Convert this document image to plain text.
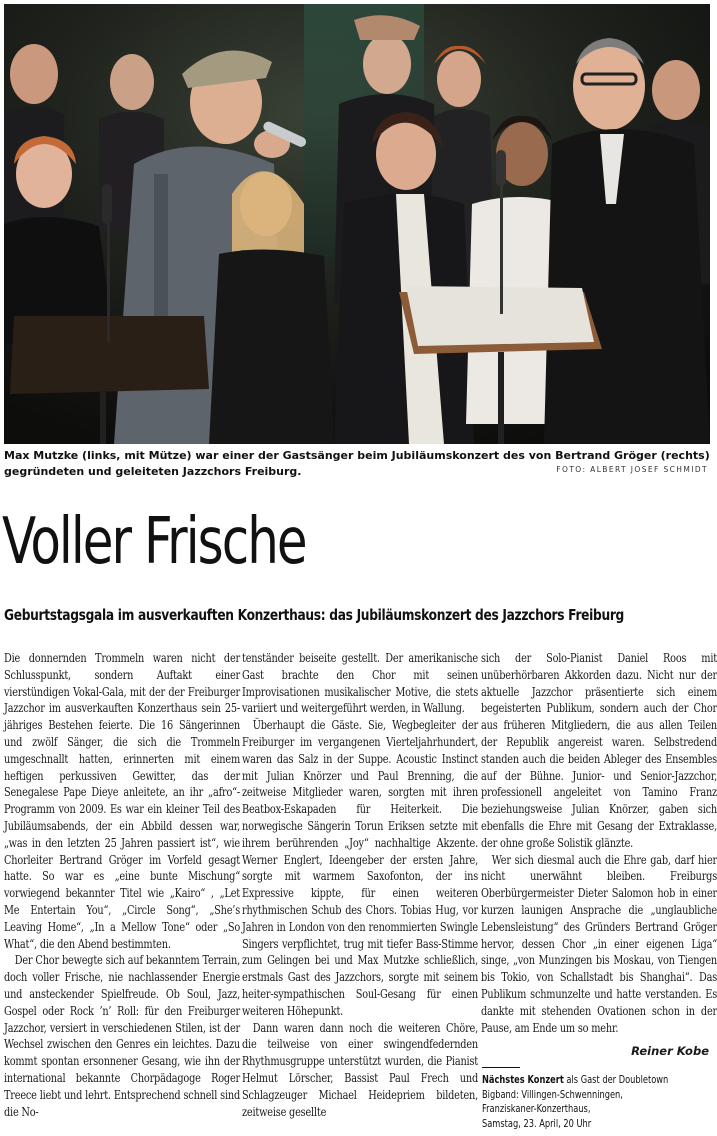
Max Mutzke (links, mit Mütze) war einer der Gastsänger beim Jubiläumskonzert des von Bertrand Gröger (rechts) gegründeten und geleiteten Jazzchors Freiburg.	FOTO: ALBERT JOSEF SCHMIDT
Voller Frische
Geburtstagsgala im ausverkauften Konzerthaus: das Jubiläumskonzert des Jazzchors Freiburg

Die donnernden Trommeln waren nicht der Schlusspunkt, sondern Auftakt einer vierstündigen Vokal-Gala, mit der der Freiburger Jazzchor im ausverkauften Konzerthaus sein 25-jähriges Bestehen feierte. Die 16 Sängerinnen und zwölf Sänger, die sich die Trommeln umgeschnallt hatten, erinnerten mit einem heftigen perkussiven Gewitter, das der Senegalese Pape Dieye anleitete, an ihr „afro“-Programm von 2009. Es war ein kleiner Teil des Jubiläumsabends, der ein Abbild dessen war, „was in den letzten 25 Jahren passiert ist“, wie Chorleiter Bertrand Gröger im Vorfeld gesagt hatte. So war es „eine bunte Mischung“ vorwiegend bekannter Titel wie „Kairo“ , „Let Me Entertain You“, „Circle Song“, „She’s Leaving Home“, „In a Mellow Tone“ oder „So What“, die den Abend bestimmten.

Der Chor bewegte sich auf bekanntem Terrain, doch voller Frische, nie nachlassender Energie und ansteckender Spielfreude. Ob Soul, Jazz, Gospel oder Rock ’n’ Roll: für den Freiburger Jazzchor, versiert in verschiedenen Stilen, ist der Wechsel zwischen den Genres ein leichtes. Dazu kommt spontan ersonnener Gesang, wie ihn der international bekannte Chorpädagoge Roger Treece liebt und lehrt. Entsprechend schnell sind die No-

tenständer beiseite gestellt. Der amerikanische Gast brachte den Chor mit seinen Improvisationen musikalischer Motive, die stets variiert und weitergeführt werden, in Wallung.

Überhaupt die Gäste. Sie, Wegbegleiter der Freiburger im vergangenen Vierteljahrhundert, waren das Salz in der Suppe. Acoustic Instinct mit Julian Knörzer und Paul Brenning, die zeitweise Mitglieder waren, sorgten mit ihren Beatbox-Eskapaden für Heiterkeit. Die norwegische Sängerin Torun Eriksen setzte mit ihrem berührenden „Joy“ nachhaltige Akzente. Werner Englert, Ideengeber der ersten Jahre, sorgte mit warmem Saxofonton, der ins Expressive kippte, für einen weiteren rhythmischen Schub des Chors. Tobias Hug, vor Jahren in London von den renommierten Swingle Singers verpflichtet, trug mit tiefer Bass-Stimme zum Gelingen bei und Max Mutzke schließlich, erstmals Gast des Jazzchors, sorgte mit seinem heiter-sympathischen Soul-Gesang für einen weiteren Höhepunkt.

Dann waren dann noch die weiteren Chöre, die teilweise von einer swingendfedernden Rhythmusgruppe unterstützt wurden, die Pianist Helmut Lörscher, Bassist Paul Frech und Schlagzeuger Michael Heidepriem bildeten, zeitweise gesellte

sich der Solo-Pianist Daniel Roos mit unüberhörbaren Akkorden dazu. Nicht nur der aktuelle Jazzchor präsentierte sich einem begeisterten Publikum, sondern auch der Chor aus früheren Mitgliedern, die aus allen Teilen der Republik angereist waren. Selbstredend standen auch die beiden Ableger des Ensembles auf der Bühne. Junior- und Senior-Jazzchor, professionell angeleitet von Tamino Franz beziehungsweise Julian Knörzer, gaben sich ebenfalls die Ehre mit Gesang der Extraklasse, der ohne große Solistik glänzte.

Wer sich diesmal auch die Ehre gab, darf hier nicht unerwähnt bleiben. Freiburgs Oberbürgermeister Dieter Salomon hob in einer kurzen launigen Ansprache die „unglaubliche Lebensleistung“ des Gründers Bertrand Gröger hervor, dessen Chor „in einer eigenen Liga“ singe, „von Munzingen bis Moskau, von Tiengen bis Tokio, von Schallstadt bis Shanghai“. Das Publikum schmunzelte und hatte verstanden. Es dankte mit stehenden Ovationen schon in der Pause, am Ende um so mehr.

Reiner Kobe
Nächstes Konzert als Gast der Doubletown
Bigband: Villingen-Schwenningen,
Franziskaner-Konzerthaus,
Samstag, 23. April, 20 Uhr
